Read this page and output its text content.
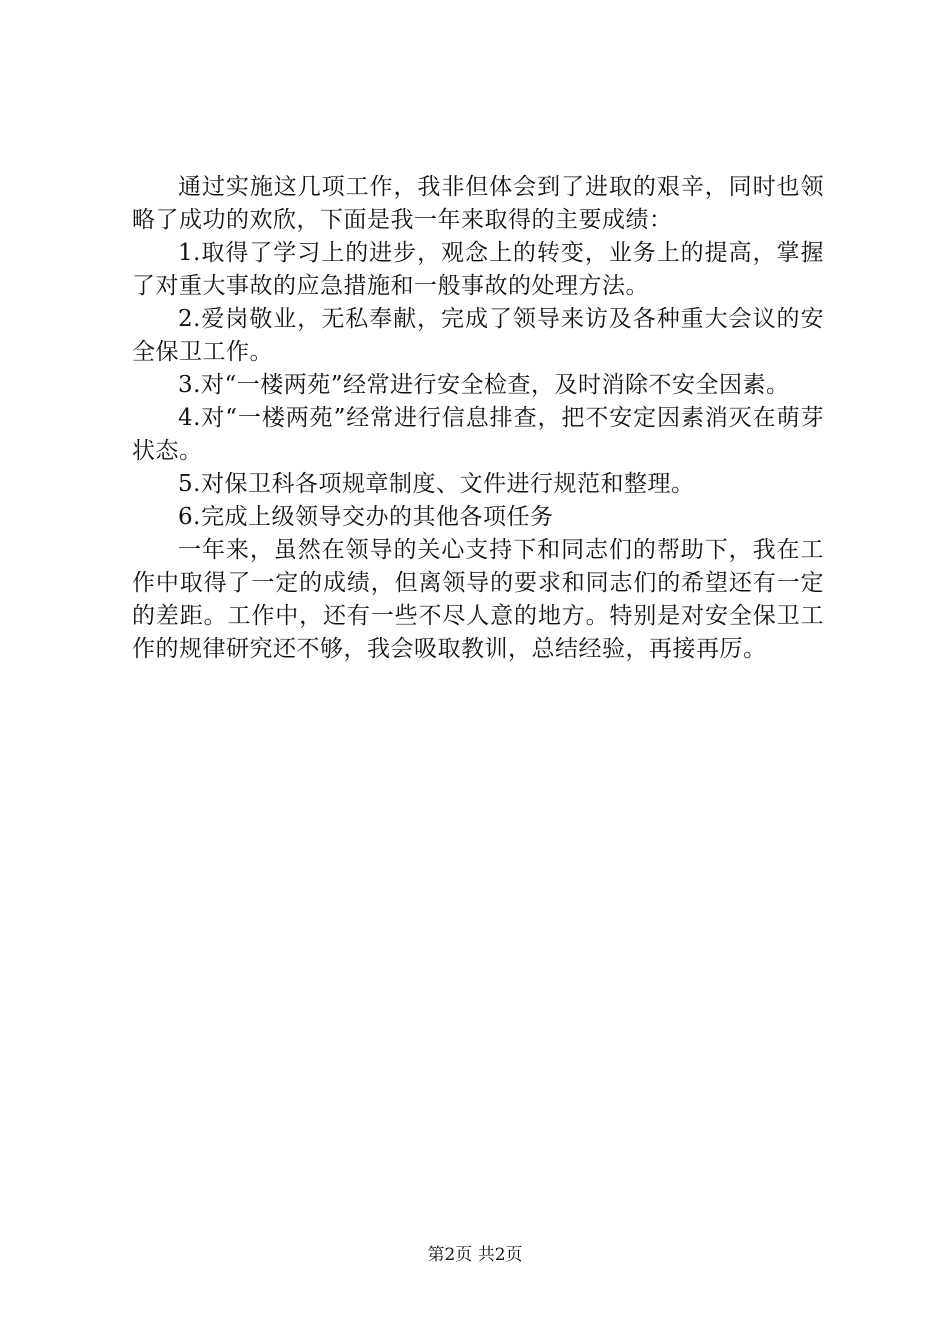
通过实施这几项工作，我非但体会到了进取的艰辛，同时也领略了成功的欢欣，下面是我一年来取得的主要成绩：

1.取得了学习上的进步，观念上的转变，业务上的提高，掌握了对重大事故的应急措施和一般事故的处理方法。

2.爱岗敬业，无私奉献，完成了领导来访及各种重大会议的安全保卫工作。

3.对“一楼两苑”经常进行安全检查，及时消除不安全因素。

4.对“一楼两苑”经常进行信息排查，把不安定因素消灭在萌芽状态。

5.对保卫科各项规章制度、文件进行规范和整理。

6.完成上级领导交办的其他各项任务

一年来，虽然在领导的关心支持下和同志们的帮助下，我在工作中取得了一定的成绩，但离领导的要求和同志们的希望还有一定的差距。工作中，还有一些不尽人意的地方。特别是对安全保卫工作的规律研究还不够，我会吸取教训，总结经验，再接再厉。

第2页 共2页
